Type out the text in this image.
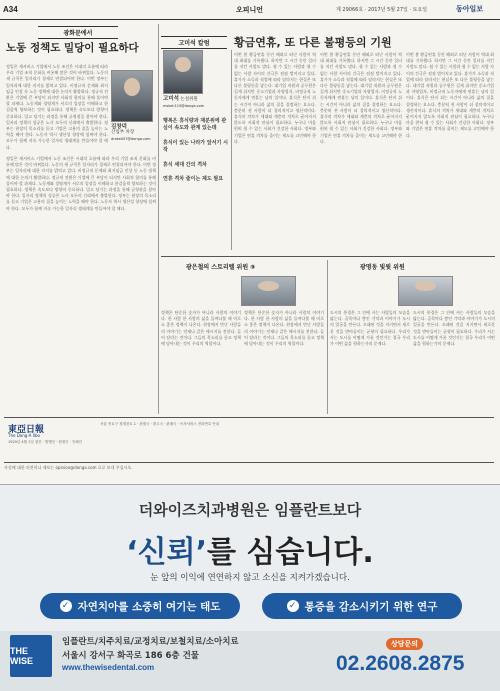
A34	오피니언	제 29066호 · 2017년 5월 27일 · 토요일	동아일보
광화문에서
노동 정책도 밀당이 필요하다
김창덕
산업부 차장
drake007@donga.com
정일은 재서비스 기업에서 노동 조건은 시대의 흐름에 따라 우리 기업 조직 문화를 비롯해 많은 것이 바뀌었다. 노동의 새 규칙은 일자리가 경제로 연결되어야 한다. 이번 정부는 일자리에 대한 의지를 밝히고 있다. 비정규직 문제와 최저임금 인상 등 노동 정책에 대한 논의가 활발하다. 정규직 전환은 기업에 큰 부담이 되지만 사회적 합의를 통해 풀어야 할 과제다. 노동계와 경영계가 서로의 입장을 이해하고 한걸음씩 양보하는 것이 필요하다. 정책은 속도보다 방향이 중요하다. 밀고 당기는 과정을 통해 균형점을 찾아야 한다. 일자리 정책의 성공은 노사 모두의 신뢰에서 출발한다. 정부는 현장의 목소리를 듣고 기업은 고용의 질을 높이는 노력을 해야 한다. 노동자 역시 생산성 향상에 힘써야 한다. 모두가 함께 지속 가능한 일자리 생태계를 만들어야 할 때다.
정일은 재서비스 기업에서 노동 조건은 시대의 흐름에 따라 우리 기업 조직 문화를 비롯해 많은 것이 바뀌었다. 노동의 새 규칙은 일자리가 경제로 연결되어야 한다. 이번 정부는 일자리에 대한 의지를 밝히고 있다. 비정규직 문제와 최저임금 인상 등 노동 정책에 대한 논의가 활발하다. 정규직 전환은 기업에 큰 부담이 되지만 사회적 합의를 통해 풀어야 할 과제다. 노동계와 경영계가 서로의 입장을 이해하고 한걸음씩 양보하는 것이 필요하다. 정책은 속도보다 방향이 중요하다. 밀고 당기는 과정을 통해 균형점을 찾아야 한다. 일자리 정책의 성공은 노사 모두의 신뢰에서 출발한다. 정부는 현장의 목소리를 듣고 기업은 고용의 질을 높이는 노력을 해야 한다. 노동자 역시 생산성 향상에 힘써야 한다. 모두가 함께 지속 가능한 일자리 생태계를 만들어야 할 때다.
고미석 칼럼	황금연휴, 또 다른 불평등의 기원
고미석 논설위원
mskoh119@donga.com

행복은 휴식량과 재분위에 관심이 속도와 관계 있는데

휴식이 있는 나라가 앞서기 시작

휴식 세대 간의 격차

연휴 격차 줄이는 제도 필요

이번 봄 황금연휴 동안 해외로 떠난 사람이 역대 최대를 기록했다. 하지만 그 시간 동안 일터를 지킨 사람도 많다. 쉴 수 있는 사람과 쉴 수 없는 사람 사이의 간극은 점점 벌어지고 있다. 휴가가 소득과 직업에 따라 달라지는 현실은 또 다른 불평등을 낳는다. 대기업 직원과 공무원은 길게 쉬지만 중소기업과 자영업자, 비정규직 노동자에게 연휴는 남의 일이다. 휴식은 단지 쉬는 시간이 아니라 삶의 질을 결정하는 요소다. 충분히 쉰 사람이 더 창의적이고 생산적이다. 휴식의 격차가 세대와 계층의 격차로 굳어지지 않도록 사회적 관심이 필요하다. 누구나 마음 편히 쉴 수 있는 사회가 건강한 사회다. 정부와 기업은 연휴 격차를 줄이는 제도를 고민해야 한다.
이번 봄 황금연휴 동안 해외로 떠난 사람이 역대 최대를 기록했다. 하지만 그 시간 동안 일터를 지킨 사람도 많다. 쉴 수 있는 사람과 쉴 수 없는 사람 사이의 간극은 점점 벌어지고 있다. 휴가가 소득과 직업에 따라 달라지는 현실은 또 다른 불평등을 낳는다. 대기업 직원과 공무원은 길게 쉬지만 중소기업과 자영업자, 비정규직 노동자에게 연휴는 남의 일이다. 휴식은 단지 쉬는 시간이 아니라 삶의 질을 결정하는 요소다. 충분히 쉰 사람이 더 창의적이고 생산적이다. 휴식의 격차가 세대와 계층의 격차로 굳어지지 않도록 사회적 관심이 필요하다. 누구나 마음 편히 쉴 수 있는 사회가 건강한 사회다. 정부와 기업은 연휴 격차를 줄이는 제도를 고민해야 한다.
이번 봄 황금연휴 동안 해외로 떠난 사람이 역대 최대를 기록했다. 하지만 그 시간 동안 일터를 지킨 사람도 많다. 쉴 수 있는 사람과 쉴 수 없는 사람 사이의 간극은 점점 벌어지고 있다. 휴가가 소득과 직업에 따라 달라지는 현실은 또 다른 불평등을 낳는다. 대기업 직원과 공무원은 길게 쉬지만 중소기업과 자영업자, 비정규직 노동자에게 연휴는 남의 일이다. 휴식은 단지 쉬는 시간이 아니라 삶의 질을 결정하는 요소다. 충분히 쉰 사람이 더 창의적이고 생산적이다. 휴식의 격차가 세대와 계층의 격차로 굳어지지 않도록 사회적 관심이 필요하다. 누구나 마음 편히 쉴 수 있는 사회가 건강한 사회다. 정부와 기업은 연휴 격차를 줄이는 제도를 고민해야 한다.
광은철의 스토리텔 위원 ⑨	광명동 빛윗 위원
정책은 단순한 숫자가 아니라 사람의 이야기다. 한 사람 한 사람의 삶을 들여다볼 때 비로소 좋은 정책이 나온다. 현장에서 만난 사람들의 이야기는 언제나 같은 메시지를 전한다. 들어 달라는 것이다. 그들의 목소리를 듣고 정책에 담아내는 것이 우리의 역할이다.
정책은 단순한 숫자가 아니라 사람의 이야기다. 한 사람 한 사람의 삶을 들여다볼 때 비로소 좋은 정책이 나온다. 현장에서 만난 사람들의 이야기는 언제나 같은 메시지를 전한다. 들어 달라는 것이다. 그들의 목소리를 듣고 정책에 담아내는 것이 우리의 역할이다.
도시의 풍경은 그 안에 사는 사람들의 모습을 닮는다. 골목마다 쌓인 기억과 이야기가 도시의 얼굴을 만든다. 오래된 것을 지키면서 새로운 것을 받아들이는 균형이 필요하다. 우리가 사는 도시를 어떻게 가꿀 것인가는 결국 우리가 어떤 삶을 원하는가의 문제다.
도시의 풍경은 그 안에 사는 사람들의 모습을 닮는다. 골목마다 쌓인 기억과 이야기가 도시의 얼굴을 만든다. 오래된 것을 지키면서 새로운 것을 받아들이는 균형이 필요하다. 우리가 사는 도시를 어떻게 가꿀 것인가는 결국 우리가 어떤 삶을 원하는가의 문제다.
東亞日報
The Dong-A Ilbo
1920년 4월 1일 창간 · 발행인 · 편집인 · 인쇄인
서울 종로구 청계천로 1 · 편집국 · 광고국 · 판매국 · 독자서비스 전화번호 안내
사설에 대한 의견이나 제보는 opinion@donga.com 으로 보내 주십시오.
더와이즈치과병원은 임플란트보다
‘신뢰’를 심습니다.
눈 앞의 이익에 연연하지 않고 소신을 지켜가겠습니다.
✓ 자연치아를 소중히 여기는 태도	✓ 통증을 감소시키기 위한 연구
THE WISE
임플란트/치주치료/교정치료/보철치료/소아치료
서울시 강서구 화곡로 186 6층 건물
www.thewisedental.com
상담문의
02.2608.2875
